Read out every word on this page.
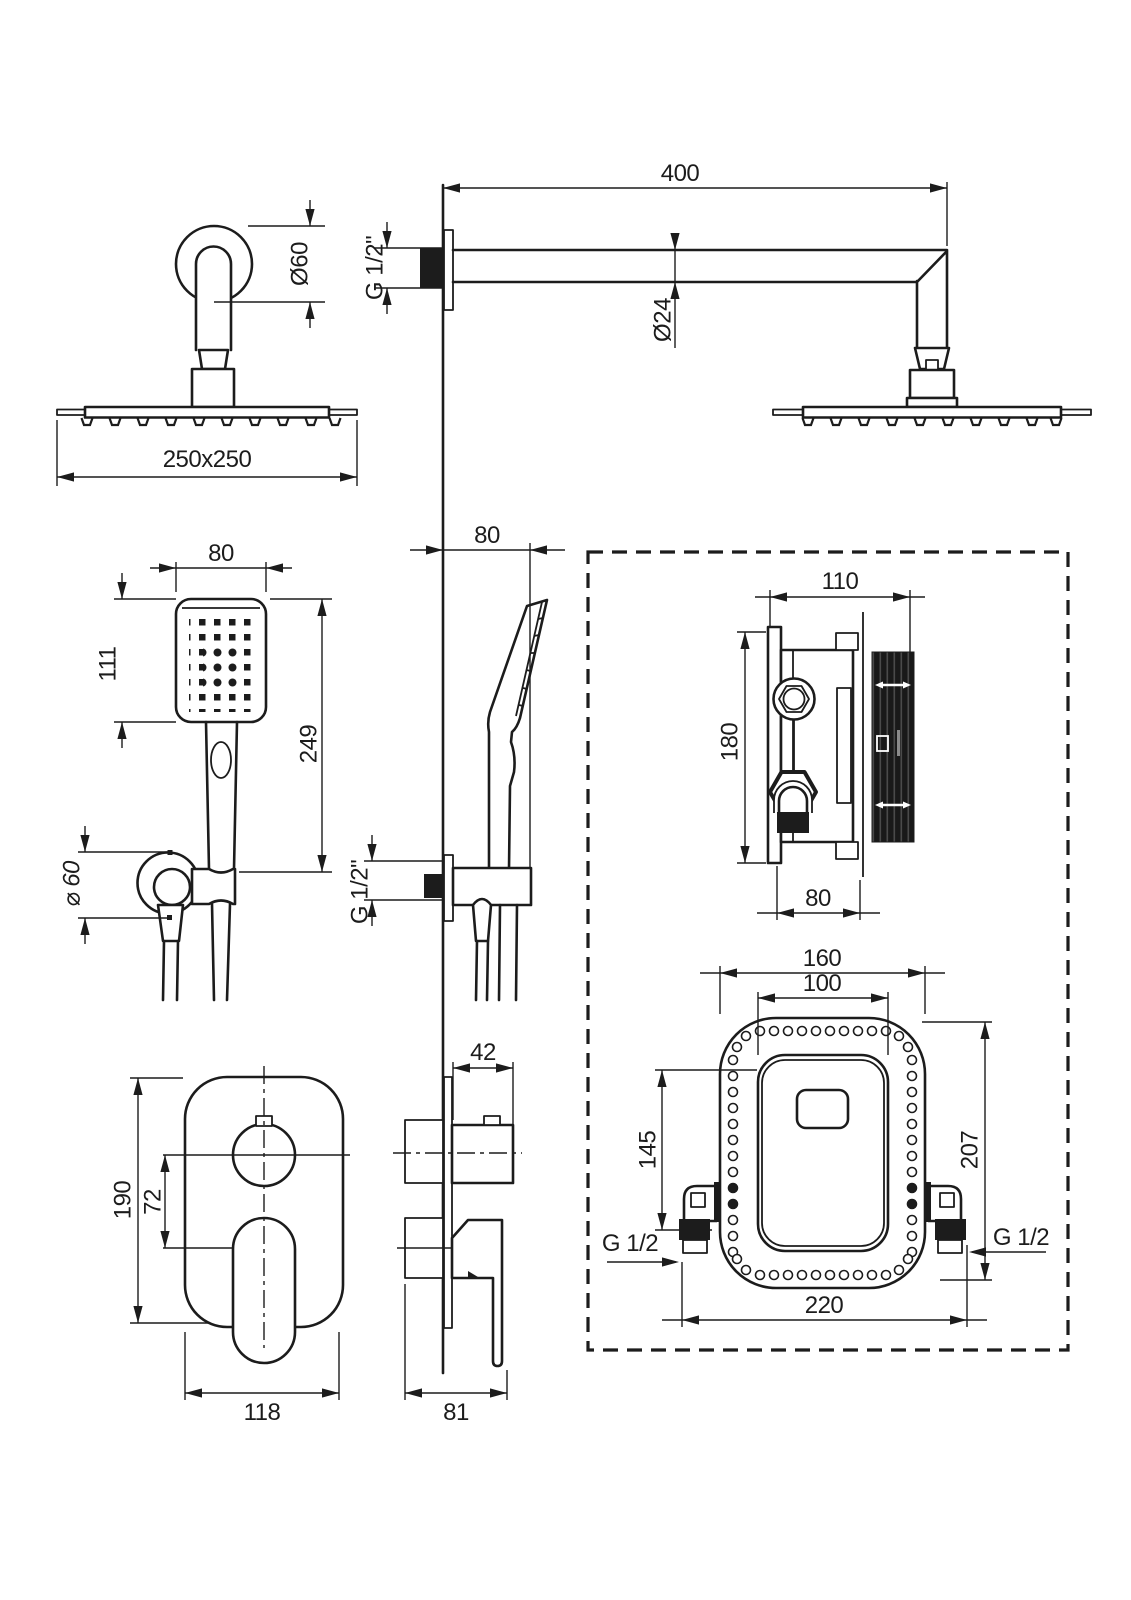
Ø60
250x250
400
G 1/2"
Ø24
80
111
249
⌀ 60
80
G 1/2"
110
180
80
160
100
145	207
220
G 1/2	G 1/2
190 72
118
42
81
